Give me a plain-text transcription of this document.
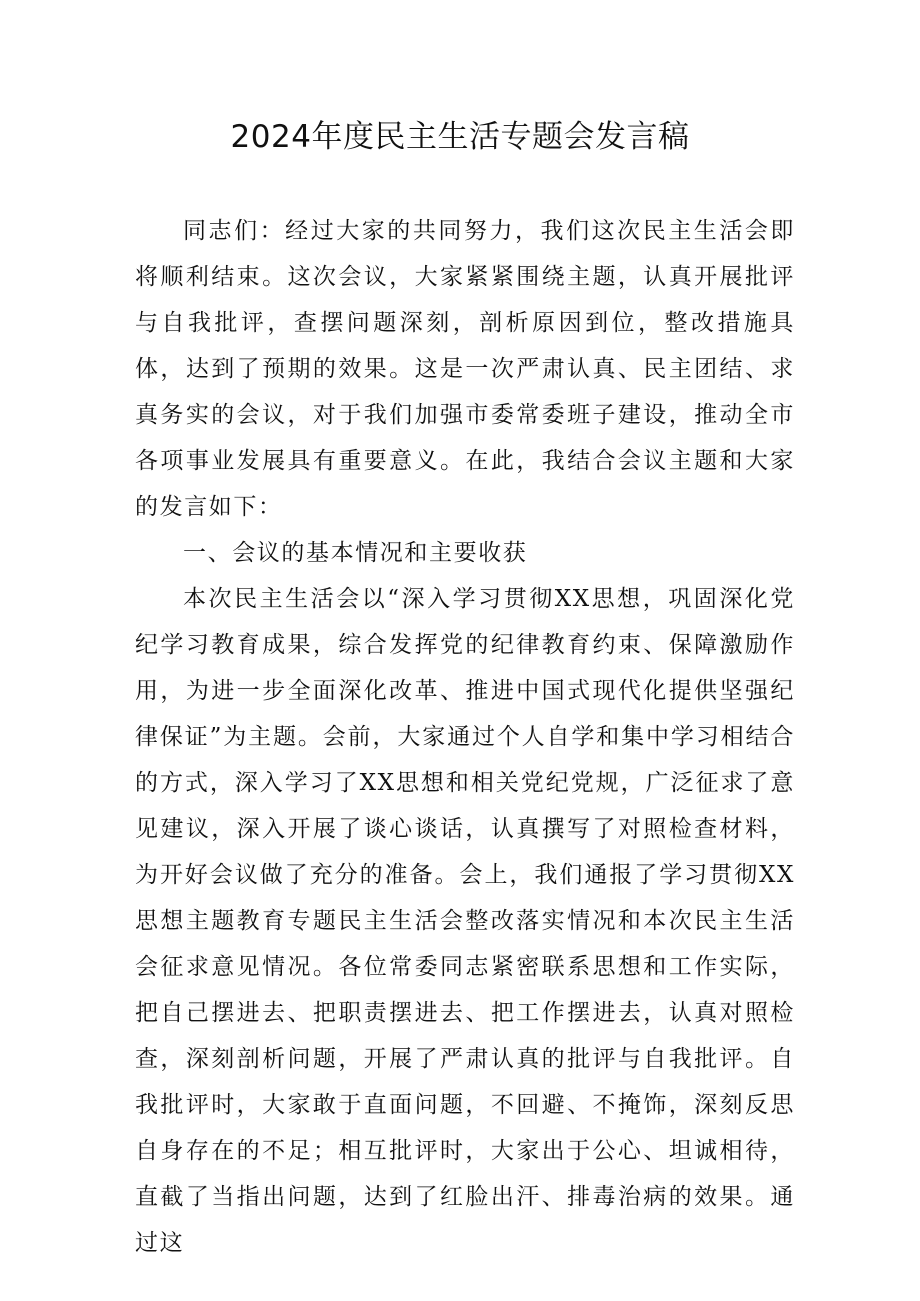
2024年度民主生活专题会发言稿

同志们：经过大家的共同努力，我们这次民主生活会即将顺利结束。这次会议，大家紧紧围绕主题，认真开展批评与自我批评，查摆问题深刻，剖析原因到位，整改措施具体，达到了预期的效果。这是一次严肃认真、民主团结、求真务实的会议，对于我们加强市委常委班子建设，推动全市各项事业发展具有重要意义。在此，我结合会议主题和大家的发言如下：

一、会议的基本情况和主要收获

本次民主生活会以“深入学习贯彻XX思想，巩固深化党纪学习教育成果，综合发挥党的纪律教育约束、保障激励作用，为进一步全面深化改革、推进中国式现代化提供坚强纪律保证”为主题。会前，大家通过个人自学和集中学习相结合的方式，深入学习了XX思想和相关党纪党规，广泛征求了意见建议，深入开展了谈心谈话，认真撰写了对照检查材料，为开好会议做了充分的准备。会上，我们通报了学习贯彻XX思想主题教育专题民主生活会整改落实情况和本次民主生活会征求意见情况。各位常委同志紧密联系思想和工作实际，把自己摆进去、把职责摆进去、把工作摆进去，认真对照检查，深刻剖析问题，开展了严肃认真的批评与自我批评。自我批评时，大家敢于直面问题，不回避、不掩饰，深刻反思自身存在的不足；相互批评时，大家出于公心、坦诚相待，直截了当指出问题，达到了红脸出汗、排毒治病的效果。通过这
